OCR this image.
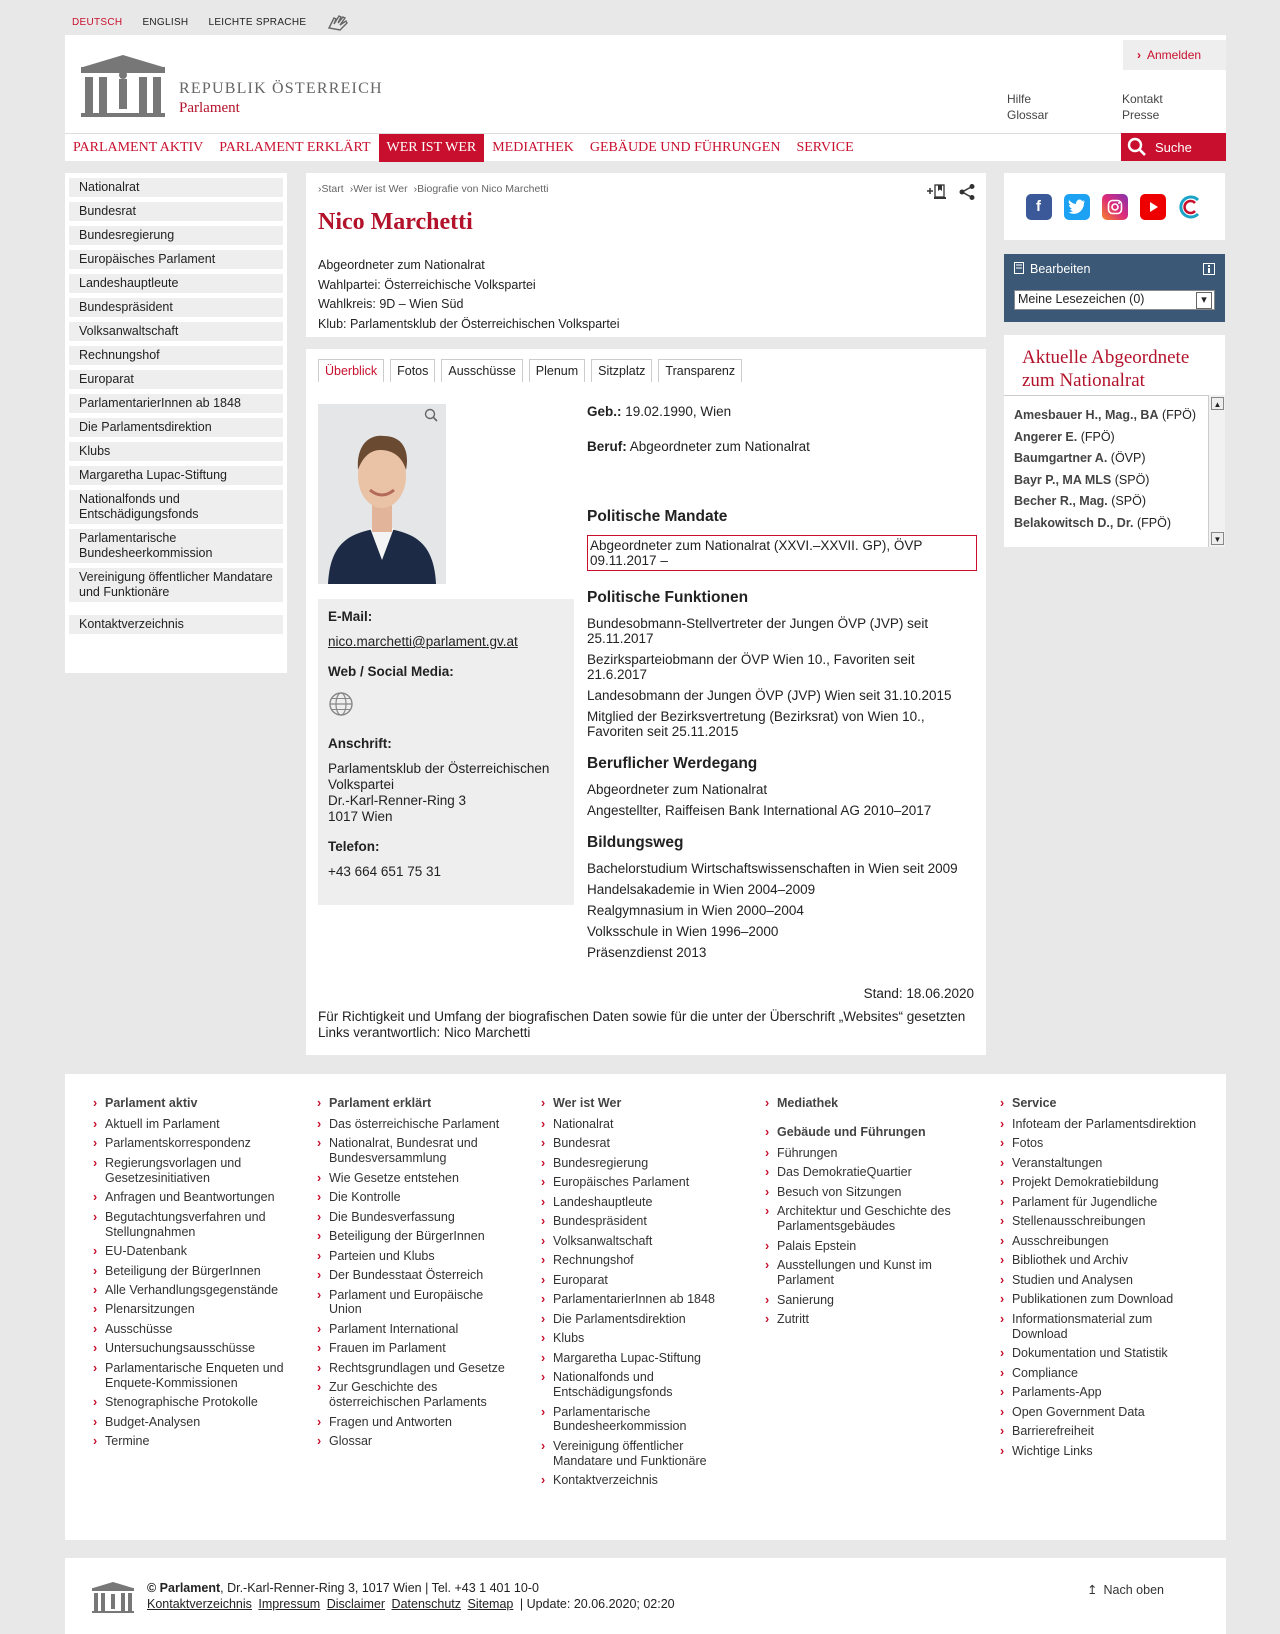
DEUTSCH ENGLISH LEICHTE SPRACHE
REPUBLIK ÖSTERREICH
Parlament
› Anmelden
Hilfe	Kontakt
Glossar	Presse
PARLAMENT AKTIV	PARLAMENT ERKLÄRT	WER IST WER	MEDIATHEK	GEBÄUDE UND FÜHRUNGEN	SERVICE	Suche
Nationalrat
Bundesrat
Bundesregierung
Europäisches Parlament
Landeshauptleute
Bundespräsident
Volksanwaltschaft
Rechnungshof
Europarat
ParlamentarierInnen ab 1848
Die Parlamentsdirektion
Klubs
Margaretha Lupac-Stiftung
Nationalfonds und Entschädigungsfonds
Parlamentarische Bundesheerkommission
Vereinigung öffentlicher Mandatare und Funktionäre
Kontaktverzeichnis
› Start › Wer ist Wer › Biografie von Nico Marchetti
Nico Marchetti
Abgeordneter zum Nationalrat
Wahlpartei: Österreichische Volkspartei
Wahlkreis: 9D – Wien Süd
Klub: Parlamentsklub der Österreichischen Volkspartei
Überblick	Fotos	Ausschüsse	Plenum	Sitzplatz	Transparenz
E-Mail:
nico.marchetti@parlament.gv.at
Web / Social Media:
Anschrift:
Parlamentsklub der Österreichischen Volkspartei
Dr.-Karl-Renner-Ring 3
1017 Wien
Telefon:
+43 664 651 75 31
Geb.: 19.02.1990, Wien
Beruf: Abgeordneter zum Nationalrat
Politische Mandate
Abgeordneter zum Nationalrat (XXVI.–XXVII. GP), ÖVP 09.11.2017 –
Politische Funktionen
Bundesobmann-Stellvertreter der Jungen ÖVP (JVP) seit 25.11.2017
Bezirksparteiobmann der ÖVP Wien 10., Favoriten seit 21.6.2017
Landesobmann der Jungen ÖVP (JVP) Wien seit 31.10.2015
Mitglied der Bezirksvertretung (Bezirksrat) von Wien 10., Favoriten seit 25.11.2015
Beruflicher Werdegang
Abgeordneter zum Nationalrat
Angestellter, Raiffeisen Bank International AG 2010–2017
Bildungsweg
Bachelorstudium Wirtschaftswissenschaften in Wien seit 2009
Handelsakademie in Wien 2004–2009
Realgymnasium in Wien 2000–2004
Volksschule in Wien 1996–2000
Präsenzdienst 2013
Stand: 18.06.2020
Für Richtigkeit und Umfang der biografischen Daten sowie für die unter der Überschrift „Websites“ gesetzten Links verantwortlich: Nico Marchetti
f
Bearbeiten
Meine Lesezeichen (0) ▾
Aktuelle Abgeordnete zum Nationalrat
Amesbauer H., Mag., BA (FPÖ)
Angerer E. (FPÖ)
Baumgartner A. (ÖVP)
Bayr P., MA MLS (SPÖ)
Becher R., Mag. (SPÖ)
Belakowitsch D., Dr. (FPÖ)
▲
▼
› Parlament aktiv
› Aktuell im Parlament
› Parlamentskorrespondenz
› Regierungsvorlagen und Gesetzesinitiativen
› Anfragen und Beantwortungen
› Begutachtungsverfahren und Stellungnahmen
› EU-Datenbank
› Beteiligung der BürgerInnen
› Alle Verhandlungsgegenstände
› Plenarsitzungen
› Ausschüsse
› Untersuchungsausschüsse
› Parlamentarische Enqueten und Enquete-Kommissionen
› Stenographische Protokolle
› Budget-Analysen
› Termine
› Parlament erklärt
› Das österreichische Parlament
› Nationalrat, Bundesrat und Bundesversammlung
› Wie Gesetze entstehen
› Die Kontrolle
› Die Bundesverfassung
› Beteiligung der BürgerInnen
› Parteien und Klubs
› Der Bundesstaat Österreich
› Parlament und Europäische Union
› Parlament International
› Frauen im Parlament
› Rechtsgrundlagen und Gesetze
› Zur Geschichte des österreichischen Parlaments
› Fragen und Antworten
› Glossar
› Wer ist Wer
› Nationalrat
› Bundesrat
› Bundesregierung
› Europäisches Parlament
› Landeshauptleute
› Bundespräsident
› Volksanwaltschaft
› Rechnungshof
› Europarat
› ParlamentarierInnen ab 1848
› Die Parlamentsdirektion
› Klubs
› Margaretha Lupac-Stiftung
› Nationalfonds und Entschädigungsfonds
› Parlamentarische Bundesheerkommission
› Vereinigung öffentlicher Mandatare und Funktionäre
› Kontaktverzeichnis
› Mediathek
› Gebäude und Führungen
› Führungen
› Das DemokratieQuartier
› Besuch von Sitzungen
› Architektur und Geschichte des Parlamentsgebäudes
› Palais Epstein
› Ausstellungen und Kunst im Parlament
› Sanierung
› Zutritt
› Service
› Infoteam der Parlamentsdirektion
› Fotos
› Veranstaltungen
› Projekt Demokratiebildung
› Parlament für Jugendliche
› Stellenausschreibungen
› Ausschreibungen
› Bibliothek und Archiv
› Studien und Analysen
› Publikationen zum Download
› Informationsmaterial zum Download
› Dokumentation und Statistik
› Compliance
› Parlaments-App
› Open Government Data
› Barrierefreiheit
› Wichtige Links
© Parlament, Dr.-Karl-Renner-Ring 3, 1017 Wien | Tel. +43 1 401 10-0
Kontaktverzeichnis Impressum Disclaimer Datenschutz Sitemap | Update: 20.06.2020; 02:20
↥ Nach oben
